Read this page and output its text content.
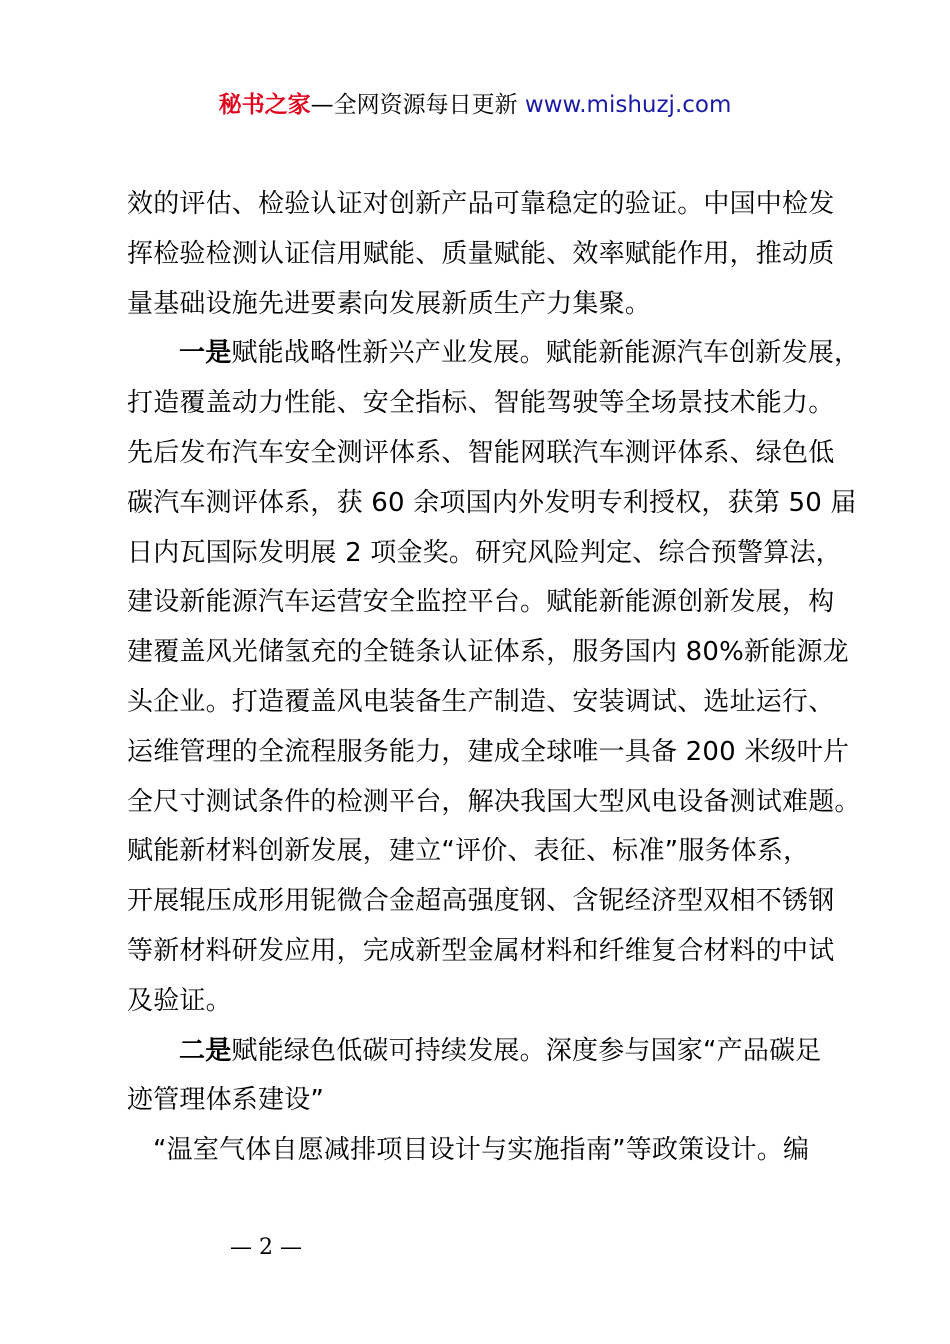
秘书之家—全网资源每日更新 www.mishuzj.com
效的评估、检验认证对创新产品可靠稳定的验证。中国中检发
挥检验检测认证信用赋能、质量赋能、效率赋能作用，推动质
量基础设施先进要素向发展新质生产力集聚。
一是赋能战略性新兴产业发展。赋能新能源汽车创新发展，
打造覆盖动力性能、安全指标、智能驾驶等全场景技术能力。
先后发布汽车安全测评体系、智能网联汽车测评体系、绿色低
碳汽车测评体系，获 60 余项国内外发明专利授权，获第 50 届
日内瓦国际发明展 2 项金奖。研究风险判定、综合预警算法，
建设新能源汽车运营安全监控平台。赋能新能源创新发展，构
建覆盖风光储氢充的全链条认证体系，服务国内 80%新能源龙
头企业。打造覆盖风电装备生产制造、安装调试、选址运行、
运维管理的全流程服务能力，建成全球唯一具备 200 米级叶片
全尺寸测试条件的检测平台，解决我国大型风电设备测试难题。
赋能新材料创新发展，建立“评价、表征、标准”服务体系，
开展辊压成形用铌微合金超高强度钢、含铌经济型双相不锈钢
等新材料研发应用，完成新型金属材料和纤维复合材料的中试
及验证。
二是赋能绿色低碳可持续发展。深度参与国家“产品碳足
迹管理体系建设”
“温室气体自愿减排项目设计与实施指南”等政策设计。编
— 2 —
